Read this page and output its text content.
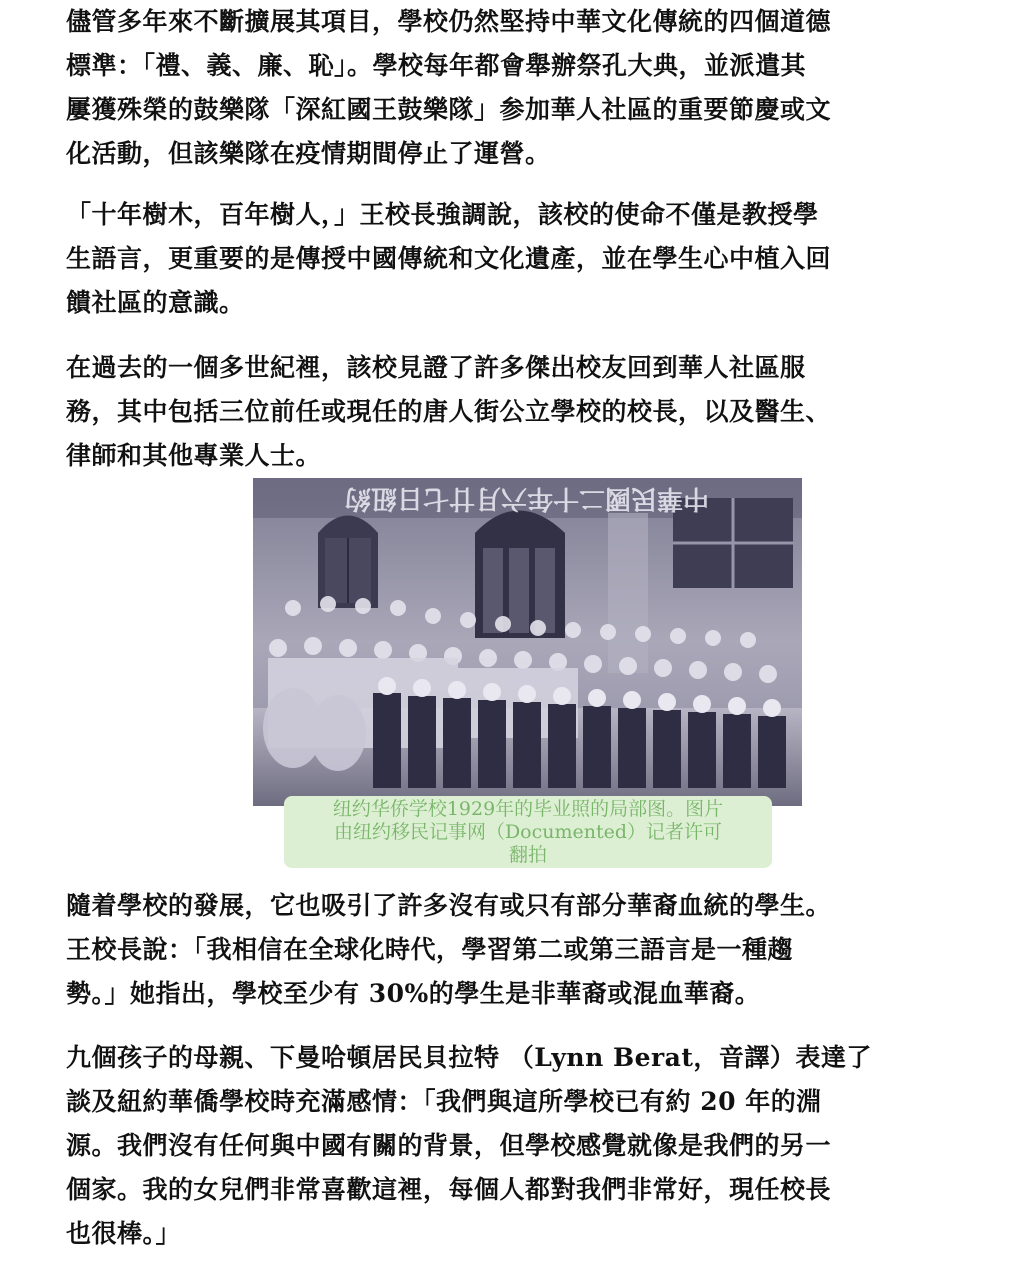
儘管多年來不斷擴展其項目，學校仍然堅持中華文化傳統的四個道德
標準：「禮、義、廉、恥」。學校每年都會舉辦祭孔大典，並派遣其
屢獲殊榮的鼓樂隊「深紅國王鼓樂隊」参加華人社區的重要節慶或文
化活動，但該樂隊在疫情期間停止了運營。
「十年樹木，百年樹人，」王校長強調說，該校的使命不僅是教授學
生語言，更重要的是傳授中國傳統和文化遺產，並在學生心中植入回
饋社區的意識。
在過去的一個多世紀裡，該校見證了許多傑出校友回到華人社區服
務，其中包括三位前任或現任的唐人街公立學校的校長，以及醫生、
律師和其他專業人士。
隨着學校的發展，它也吸引了許多沒有或只有部分華裔血統的學生。
王校長說：「我相信在全球化時代，學習第二或第三語言是一種趨
勢。」她指出，學校至少有 30%的學生是非華裔或混血華裔。
九個孩子的母親、下曼哈頓居民貝拉特 （Lynn Berat，音譯）表達了
談及紐約華僑學校時充滿感情：「我們與這所學校已有約 20 年的淵
源。我們沒有任何與中國有關的背景，但學校感覺就像是我們的另一
個家。我的女兒們非常喜歡這裡，每個人都對我們非常好，現任校長
也很棒。」
中華民國二十年六月廿七日紐約
纽约华侨学校1929年的毕业照的局部图。图片
由纽约移民记事网（Documented）记者许可
翻拍
